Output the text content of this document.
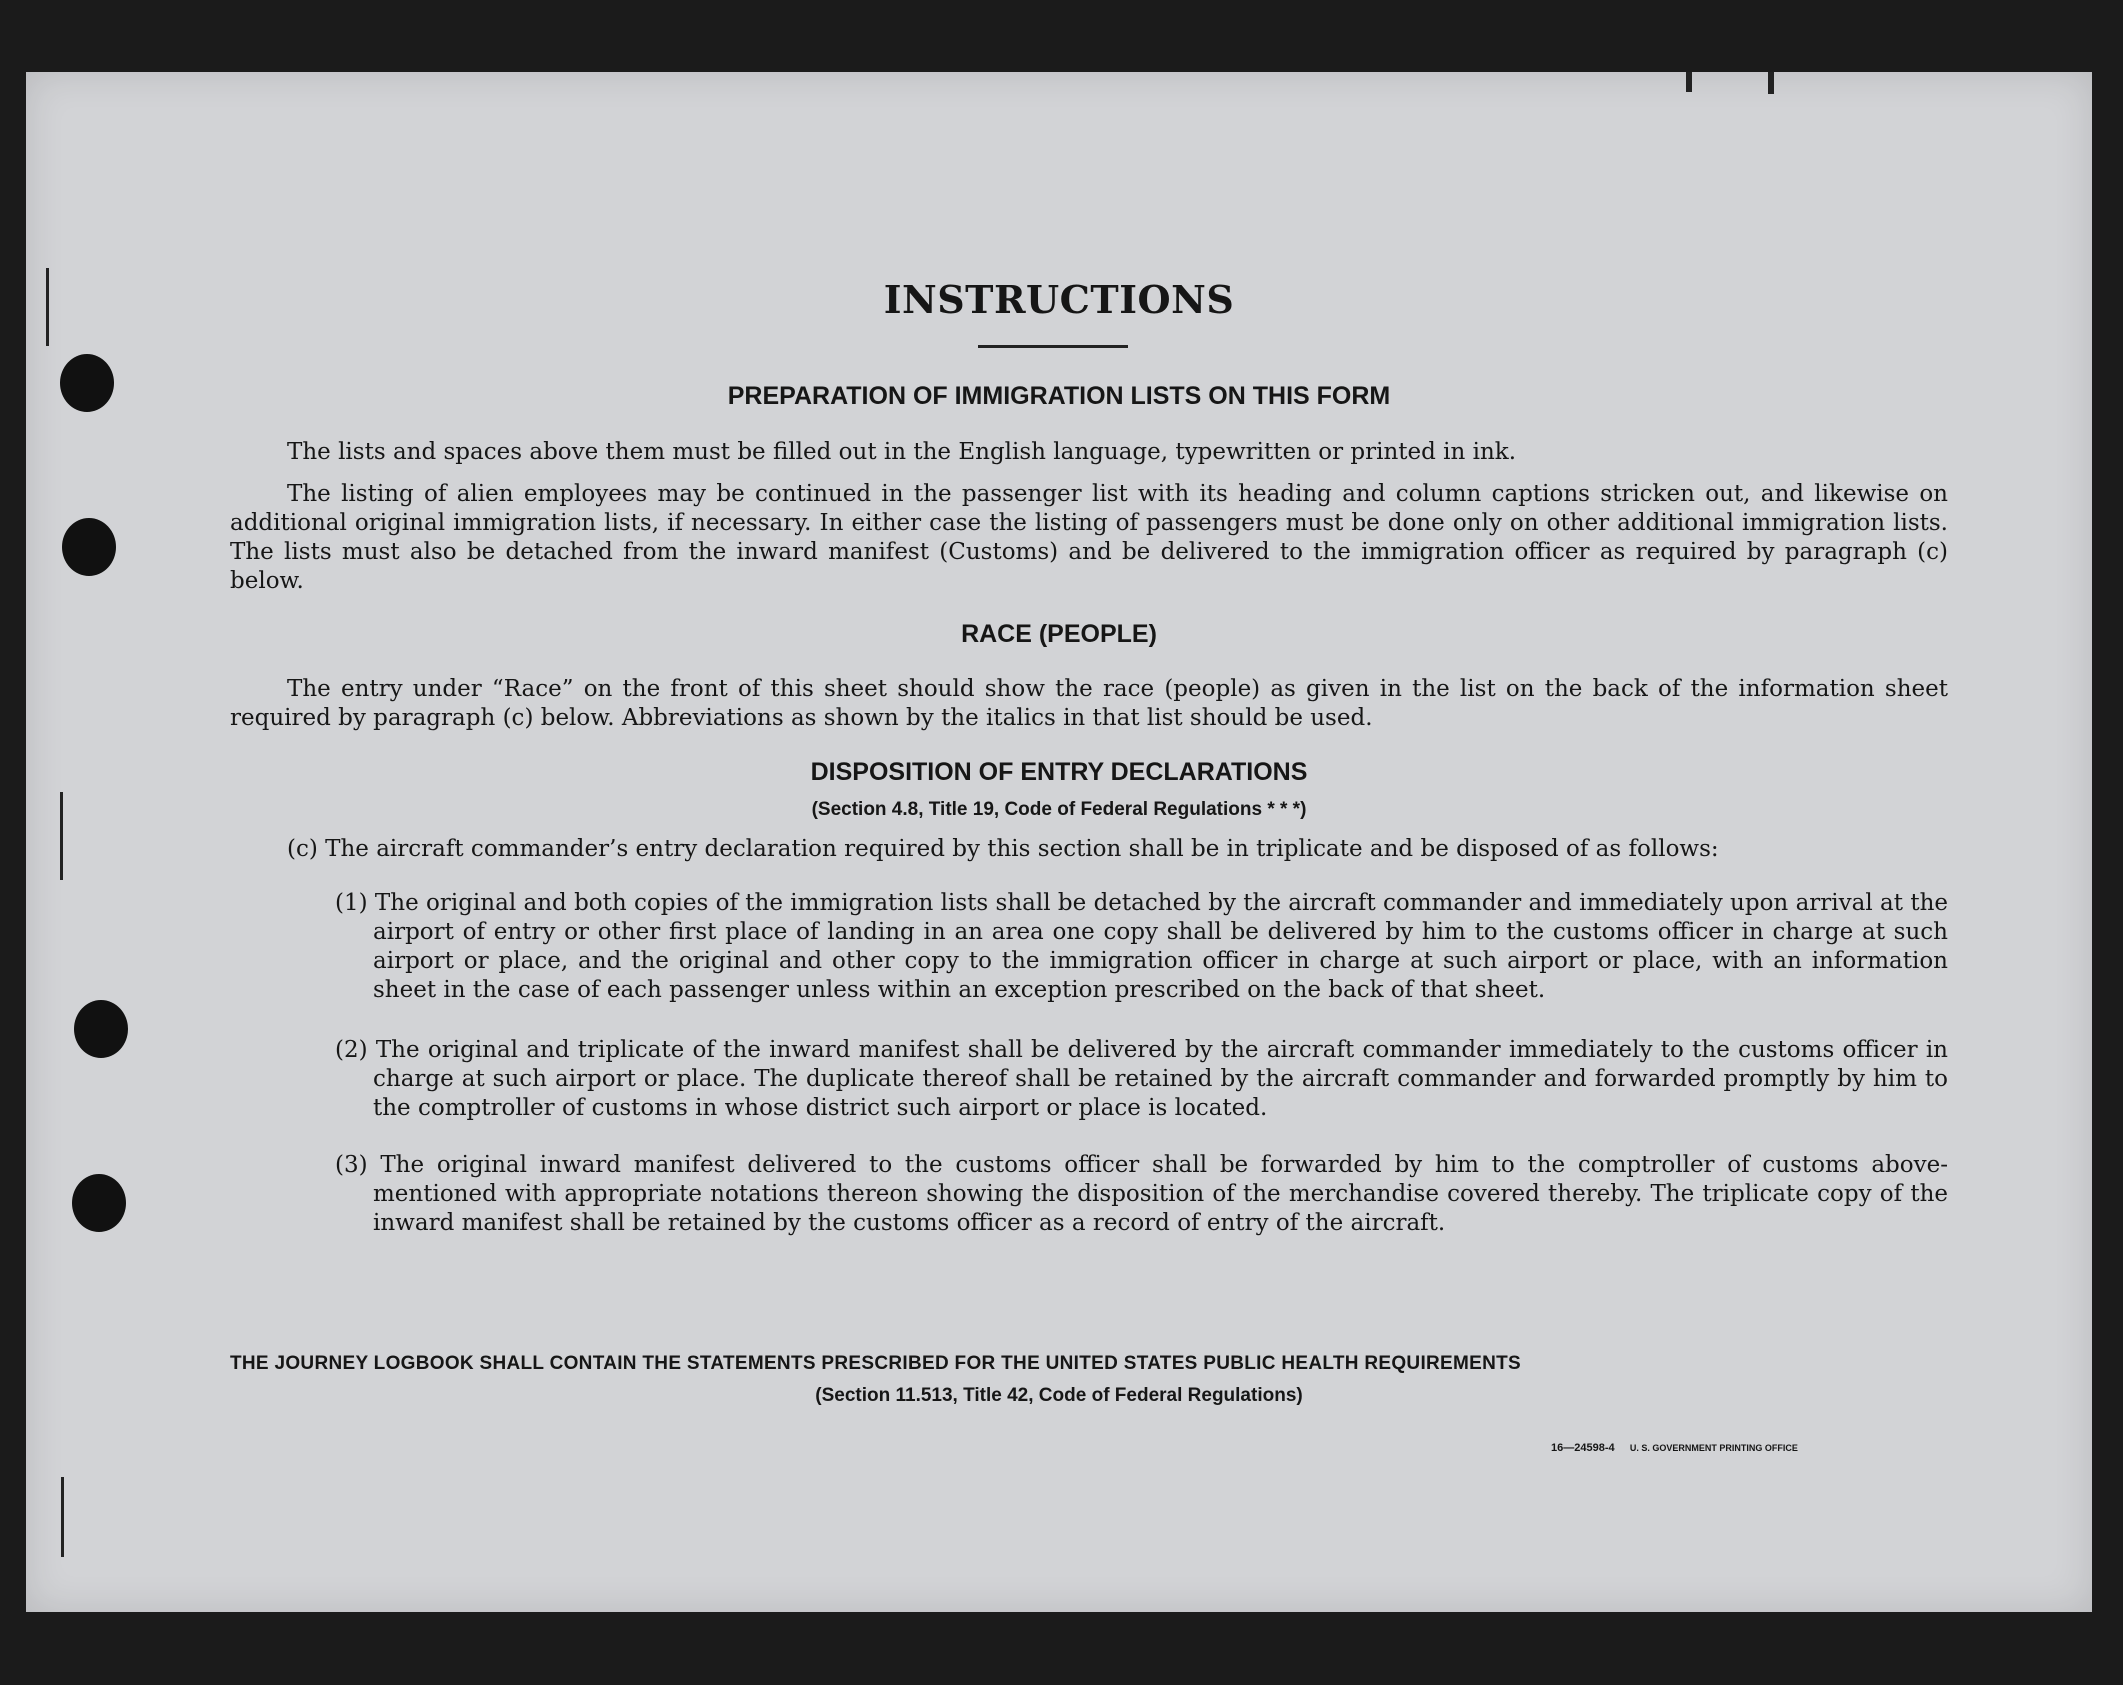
INSTRUCTIONS
PREPARATION OF IMMIGRATION LISTS ON THIS FORM
The lists and spaces above them must be filled out in the English language, typewritten or printed in ink.
The listing of alien employees may be continued in the passenger list with its heading and column captions stricken out, and likewise on additional original immigration lists, if necessary. In either case the listing of passengers must be done only on other additional immigration lists. The lists must also be detached from the inward manifest (Customs) and be delivered to the immigration officer as required by paragraph (c) below.
RACE (PEOPLE)
The entry under “Race” on the front of this sheet should show the race (people) as given in the list on the back of the information sheet required by paragraph (c) below. Abbreviations as shown by the italics in that list should be used.
DISPOSITION OF ENTRY DECLARATIONS
(Section 4.8, Title 19, Code of Federal Regulations * * *)
(c) The aircraft commander’s entry declaration required by this section shall be in triplicate and be disposed of as follows:
(1) The original and both copies of the immigration lists shall be detached by the aircraft commander and immediately upon arrival at the airport of entry or other first place of landing in an area one copy shall be delivered by him to the customs officer in charge at such airport or place, and the original and other copy to the immigration officer in charge at such airport or place, with an information sheet in the case of each passenger unless within an exception prescribed on the back of that sheet.
(2) The original and triplicate of the inward manifest shall be delivered by the aircraft commander immediately to the customs officer in charge at such airport or place. The duplicate thereof shall be retained by the aircraft commander and forwarded promptly by him to the comptroller of customs in whose district such airport or place is located.
(3) The original inward manifest delivered to the customs officer shall be forwarded by him to the comptroller of customs above-mentioned with appropriate notations thereon showing the disposition of the merchandise covered thereby. The triplicate copy of the inward manifest shall be retained by the customs officer as a record of entry of the aircraft.
THE JOURNEY LOGBOOK SHALL CONTAIN THE STATEMENTS PRESCRIBED FOR THE UNITED STATES PUBLIC HEALTH REQUIREMENTS
(Section 11.513, Title 42, Code of Federal Regulations)
16—24598-4 U. S. GOVERNMENT PRINTING OFFICE
